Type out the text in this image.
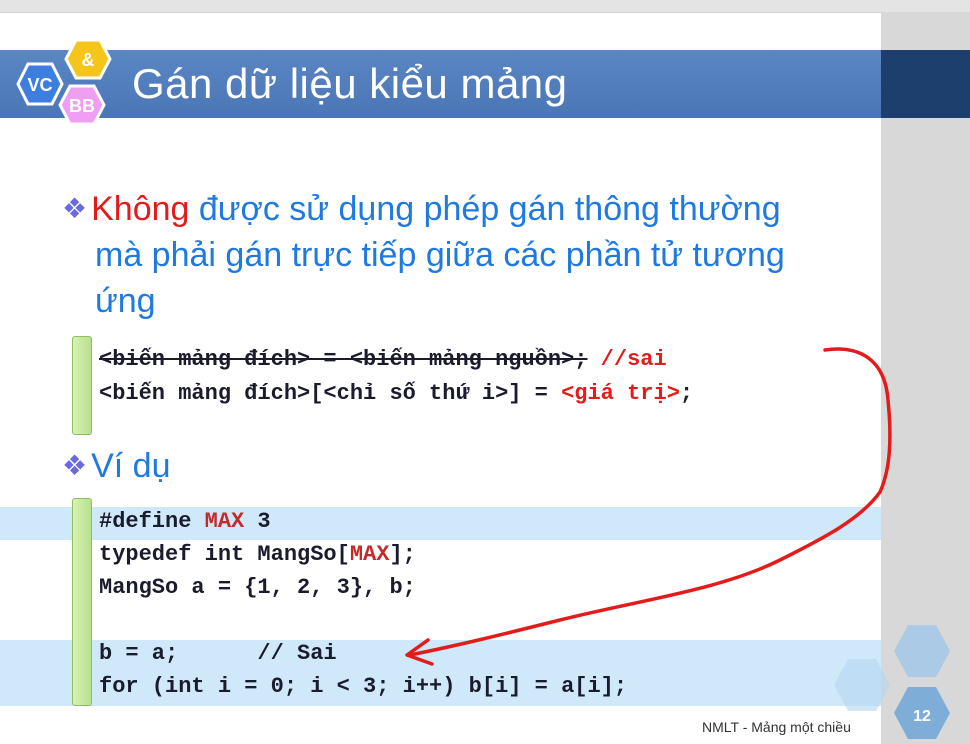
&
VC
BB Gán dữ liệu kiểu mảng
❖ Không được sử dụng phép gán thông thường
mà phải gán trực tiếp giữa các phần tử tương
ứng
<biến mảng đích> = <biến mảng nguồn>; //sai
<biến mảng đích>[<chỉ số thứ i>] = <giá trị>;
❖ Ví dụ
#define MAX 3
typedef int MangSo[MAX];
MangSo a = {1, 2, 3}, b;

b = a;      // Sai
for (int i = 0; i < 3; i++) b[i] = a[i];
NMLT - Mảng một chiều
12
